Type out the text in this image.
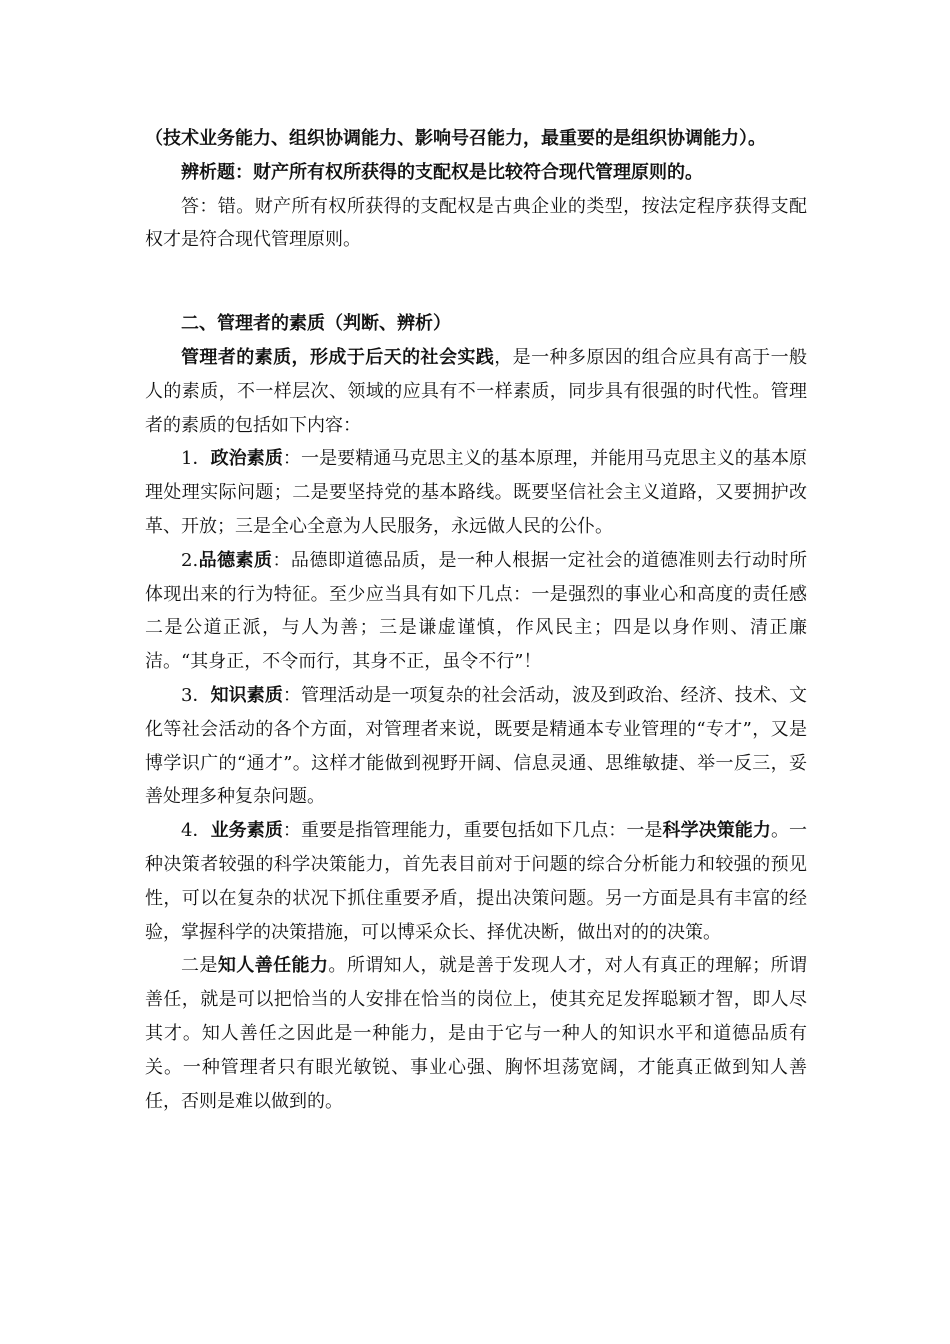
（技术业务能力、组织协调能力、影响号召能力，最重要的是组织协调能力）。

辨析题：财产所有权所获得的支配权是比较符合现代管理原则的。

答：错。财产所有权所获得的支配权是古典企业的类型，按法定程序获得支配权才是符合现代管理原则。

二、管理者的素质（判断、辨析）

管理者的素质，形成于后天的社会实践，是一种多原因的组合应具有高于一般人的素质，不一样层次、领域的应具有不一样素质，同步具有很强的时代性。管理者的素质的包括如下内容：

1．政治素质：一是要精通马克思主义的基本原理，并能用马克思主义的基本原理处理实际问题；二是要坚持党的基本路线。既要坚信社会主义道路，又要拥护改革、开放；三是全心全意为人民服务，永远做人民的公仆。

2.品德素质：品德即道德品质，是一种人根据一定社会的道德准则去行动时所体现出来的行为特征。至少应当具有如下几点：一是强烈的事业心和高度的责任感二是公道正派，与人为善；三是谦虚谨慎，作风民主；四是以身作则、清正廉洁。“其身正，不令而行，其身不正，虽令不行”！

3．知识素质：管理活动是一项复杂的社会活动，波及到政治、经济、技术、文化等社会活动的各个方面，对管理者来说，既要是精通本专业管理的“专才”，又是博学识广的“通才”。这样才能做到视野开阔、信息灵通、思维敏捷、举一反三，妥善处理多种复杂问题。

4．业务素质：重要是指管理能力，重要包括如下几点：一是科学决策能力。一种决策者较强的科学决策能力，首先表目前对于问题的综合分析能力和较强的预见性，可以在复杂的状况下抓住重要矛盾，提出决策问题。另一方面是具有丰富的经验，掌握科学的决策措施，可以博采众长、择优决断，做出对的的决策。

二是知人善任能力。所谓知人，就是善于发现人才，对人有真正的理解；所谓善任，就是可以把恰当的人安排在恰当的岗位上，使其充足发挥聪颖才智，即人尽其才。知人善任之因此是一种能力，是由于它与一种人的知识水平和道德品质有关。一种管理者只有眼光敏锐、事业心强、胸怀坦荡宽阔，才能真正做到知人善任，否则是难以做到的。
